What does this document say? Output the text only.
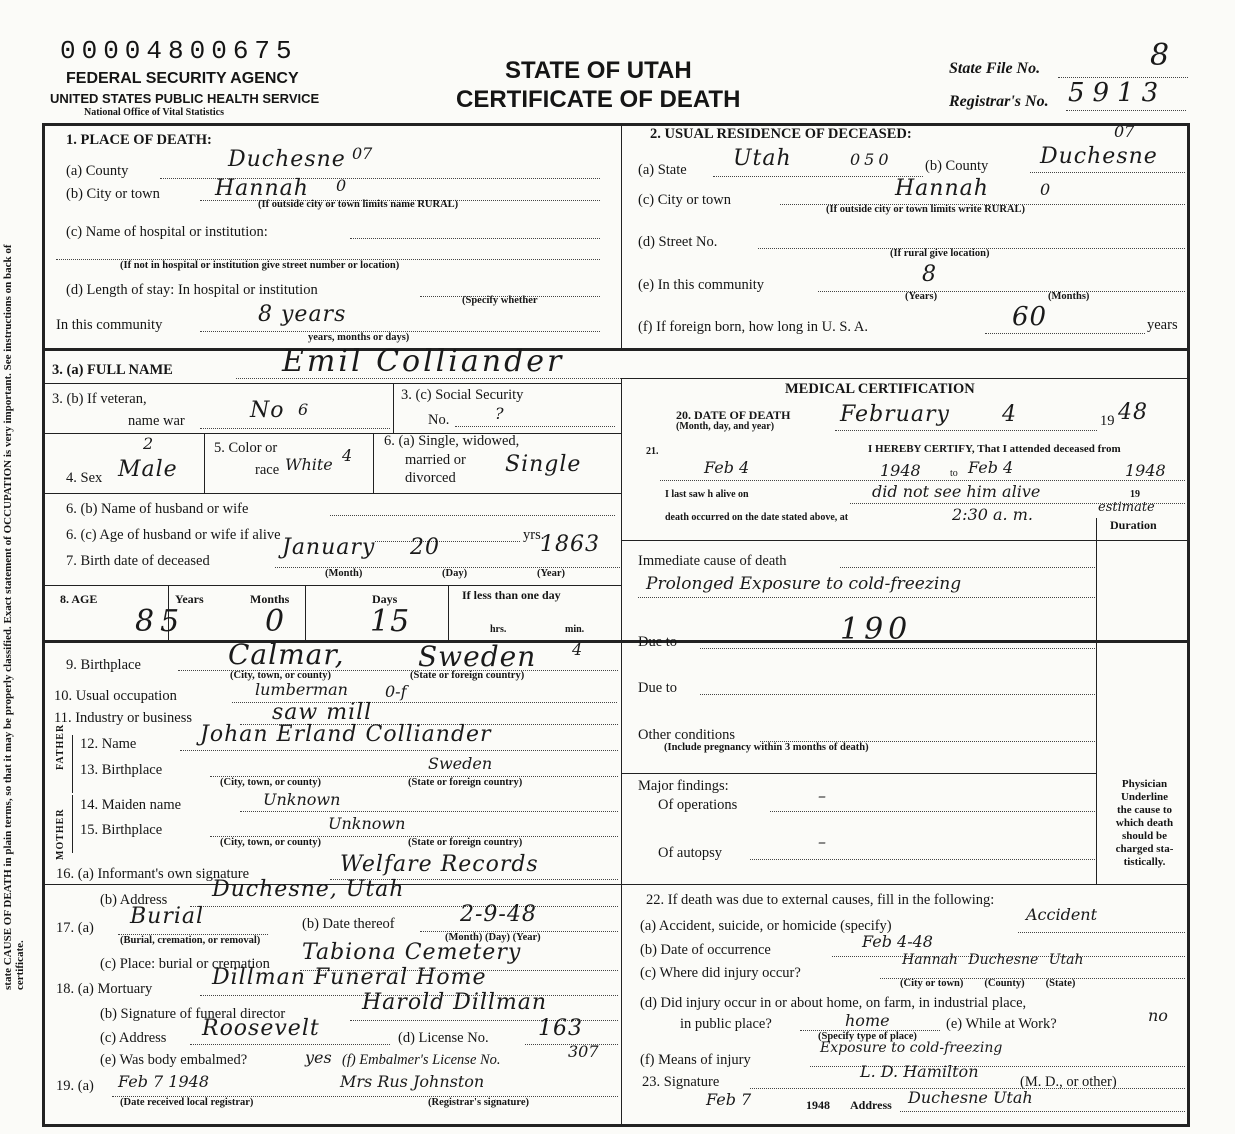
00004800675
FEDERAL SECURITY AGENCY
UNITED STATES PUBLIC HEALTH SERVICE
National Office of Vital Statistics
STATE OF UTAH
CERTIFICATE OF DEATH
State File No.	8
Registrar's No. 5913
state CAUSE OF DEATH in plain terms, so that it may be properly classified. Exact statement of OCCUPATION is very important. See instructions on back of certificate.
1. PLACE OF DEATH:
(a) County	Duchesne 07
(b) City or town	Hannah 0
(If outside city or town limits name RURAL)
(c) Name of hospital or institution:
(If not in hospital or institution give street number or location)
(d) Length of stay: In hospital or institution
(Specify whether
In this community	8 years
years, months or days)
2. USUAL RESIDENCE OF DECEASED:	07
(a) State Utah	050 (b) County Duchesne
(c) City or town	Hannah	0
(If outside city or town limits write RURAL)
(d) Street No.
(If rural give location)
(e) In this community	8
(Years)	(Months)
(f) If foreign born, how long in U. S. A.	60	years
3. (a) FULL NAME	Emil Colliander
MEDICAL CERTIFICATION
3. (b) If veteran,
name war	No 6
3. (c) Social Security
No.	?	20. DATE OF DEATH
(Month, day, and year)	February 4	19 48
21.	I HEREBY CERTIFY, That I attended deceased from
Feb 4	1948	to Feb 4	1948
I last saw h alive on	did not see him alive	19
death occurred on the date stated above, at	2:30 a. m.	estimate
Duration
4. Sex Male
2	5. Color or
race White 4
6. (a) Single, widowed,
married or
divorced
Single
6. (b) Name of husband or wife
6. (c) Age of husband or wife if alive	yrs.
7. Birth date of deceased
January 20	1863
(Month)	(Day)	(Year)
8. AGE	Years	Months	Days	If less than one day
85	0	15	hrs.	min.
9. Birthplace	Calmar,	Sweden 4
(City, town, or county)	(State or foreign country)
10. Usual occupation	lumberman 0-f
11. Industry or business	saw mill
MOTHER
FATHER 12. Name	Johan Erland Colliander
13. Birthplace	Sweden
(City, town, or county)	(State or foreign country)
14. Maiden name	Unknown
15. Birthplace	Unknown
(City, town, or county)	(State or foreign country)
16. (a) Informant's own signature	Welfare Records
(b) Address Duchesne, Utah
17. (a) Burial
(Burial, cremation, or removal)
(b) Date thereof	2-9-48
(Month) (Day) (Year)
(c) Place: burial or cremation Tabiona Cemetery
18. (a) Mortuary	Dillman Funeral Home
(b) Signature of funeral director	Harold Dillman
(c) Address Roosevelt	(d) License No. 163
(e) Was body embalmed?	yes (f) Embalmer's License No.	307
19. (a) Feb 7 1948	Mrs Rus Johnston
(Date received local registrar)	(Registrar's signature)
Immediate cause of death
Prolonged Exposure to cold-freezing
Due to	190
Due to
Other conditions
(Include pregnancy within 3 months of death)
Major findings:
Of operations	–
Of autopsy
–
Physician
Underline
the cause to
which death
should be
charged sta-
tistically.
22. If death was due to external causes, fill in the following:
(a) Accident, suicide, or homicide (specify)
Accident
(b) Date of occurrence	Feb 4-48
(c) Where did injury occur?
Hannah Duchesne Utah
(City or town)        (County)        (State)
(d) Did injury occur in or about home, on farm, in industrial place,
in public place?	home
(Specify type of place)
(e) While at Work?	no
(f) Means of injury
Exposure to cold-freezing
23. Signature
L. D. Hamilton
(M. D., or other)
Feb 7	1948 Address Duchesne Utah
